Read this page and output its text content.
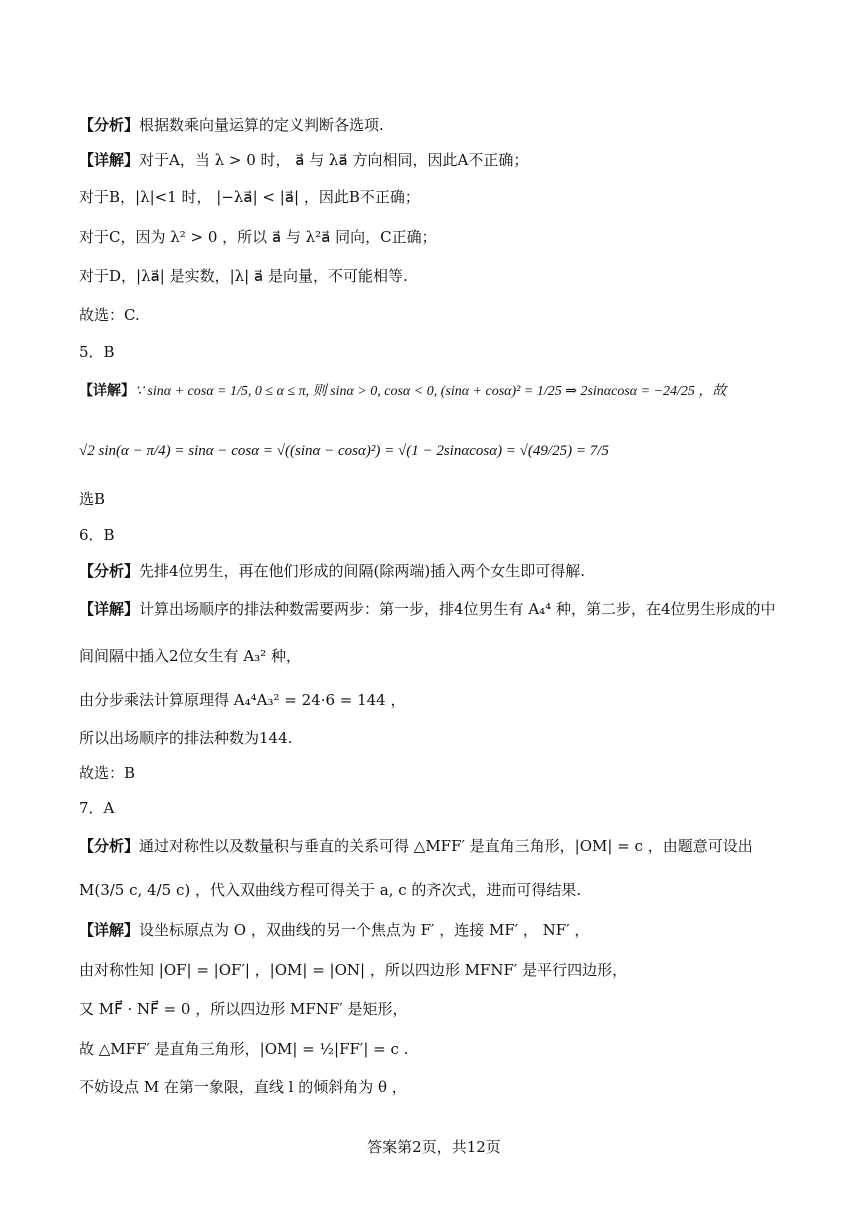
【分析】根据数乘向量运算的定义判断各选项.
【详解】对于A，当 λ > 0 时， a⃗ 与 λa⃗ 方向相同，因此A不正确；
对于B，|λ|<1 时， |−λa⃗| < |a⃗| ，因此B不正确；
对于C，因为 λ² > 0 ，所以 a⃗ 与 λ²a⃗ 同向，C正确；
对于D，|λa⃗| 是实数，|λ| a⃗ 是向量，不可能相等.
故选：C.
5．B
【详解】∵ sinα + cosα = 1/5, 0 ≤ α ≤ π, 则 sinα > 0, cosα < 0, (sinα + cosα)² = 1/25 ⇒ 2sinαcosα = −24/25 ，故
√2 sin(α − π/4) = sinα − cosα = √((sinα − cosα)²) = √(1 − 2sinαcosα) = √(49/25) = 7/5
选B
6．B
【分析】先排4位男生，再在他们形成的间隔(除两端)插入两个女生即可得解.
【详解】计算出场顺序的排法种数需要两步：第一步，排4位男生有 A₄⁴ 种，第二步，在4位男生形成的中
间间隔中插入2位女生有 A₃² 种，
由分步乘法计算原理得 A₄⁴A₃² = 24·6 = 144 ，
所以出场顺序的排法种数为144.
故选：B
7．A
【分析】通过对称性以及数量积与垂直的关系可得 △MFF′ 是直角三角形，|OM| = c ，由题意可设出
M(3/5 c, 4/5 c) ，代入双曲线方程可得关于 a, c 的齐次式，进而可得结果.
【详解】设坐标原点为 O ，双曲线的另一个焦点为 F′ ，连接 MF′ ， NF′ ，
由对称性知 |OF| = |OF′| ，|OM| = |ON| ，所以四边形 MFNF′ 是平行四边形，
又 MF⃗ · NF⃗ = 0 ，所以四边形 MFNF′ 是矩形，
故 △MFF′ 是直角三角形，|OM| = ½|FF′| = c .
不妨设点 M 在第一象限，直线 l 的倾斜角为 θ ，
答案第2页，共12页
